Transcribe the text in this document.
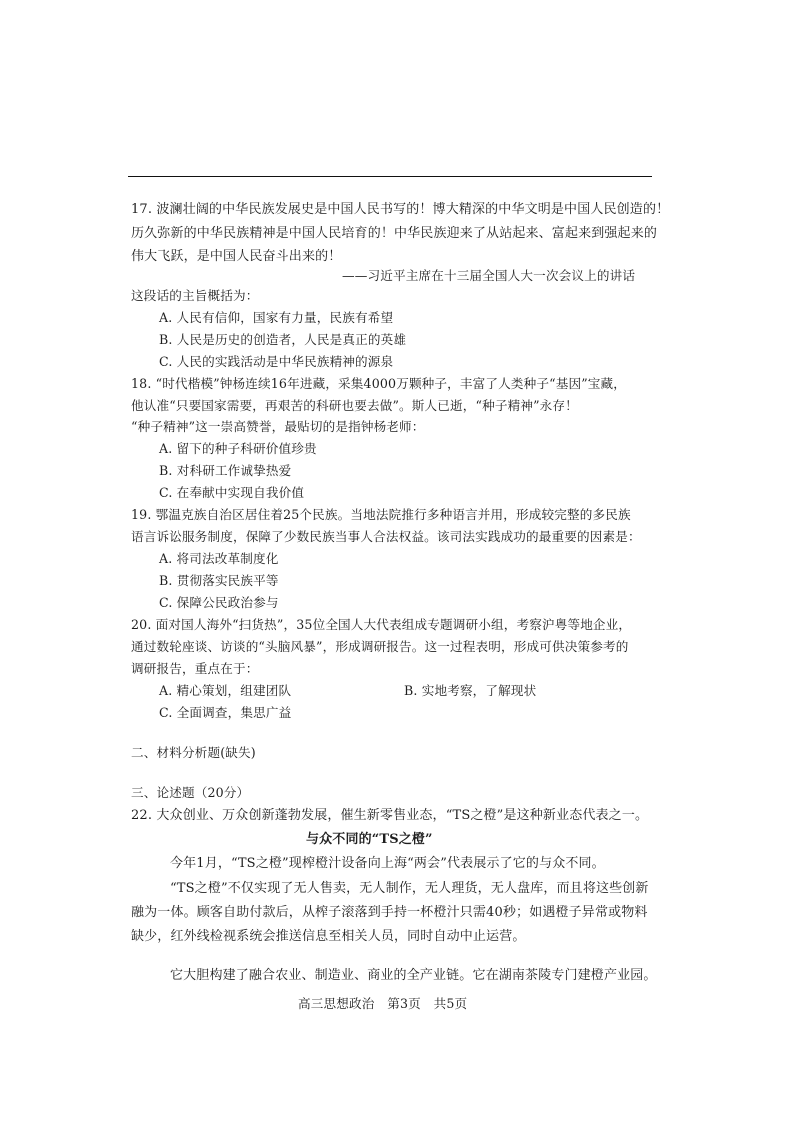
17. 波澜壮阔的中华民族发展史是中国人民书写的！博大精深的中华文明是中国人民创造的！
历久弥新的中华民族精神是中国人民培育的！中华民族迎来了从站起来、富起来到强起来的
伟大飞跃，是中国人民奋斗出来的！
——习近平主席在十三届全国人大一次会议上的讲话
这段话的主旨概括为：
A. 人民有信仰，国家有力量，民族有希望
B. 人民是历史的创造者，人民是真正的英雄
C. 人民的实践活动是中华民族精神的源泉
18. “时代楷模”钟杨连续16年进藏，采集4000万颗种子，丰富了人类种子“基因”宝藏，
他认准“只要国家需要，再艰苦的科研也要去做”。斯人已逝，“种子精神”永存！
“种子精神”这一崇高赞誉，最贴切的是指钟杨老师：
A. 留下的种子科研价值珍贵
B. 对科研工作诚挚热爱
C. 在奉献中实现自我价值
19. 鄂温克族自治区居住着25个民族。当地法院推行多种语言并用，形成较完整的多民族
语言诉讼服务制度，保障了少数民族当事人合法权益。该司法实践成功的最重要的因素是：
A. 将司法改革制度化
B. 贯彻落实民族平等
C. 保障公民政治参与
20. 面对国人海外“扫货热”，35位全国人大代表组成专题调研小组，考察沪粤等地企业，
通过数轮座谈、访谈的“头脑风暴”，形成调研报告。这一过程表明，形成可供决策参考的
调研报告，重点在于：
A. 精心策划，组建团队	B. 实地考察，了解现状
C. 全面调查，集思广益
二、材料分析题(缺失)
三、论述题（20分）
22. 大众创业、万众创新蓬勃发展，催生新零售业态，“TS之橙”是这种新业态代表之一。
与众不同的“TS之橙”
今年1月，“TS之橙”现榨橙汁设备向上海“两会”代表展示了它的与众不同。
“TS之橙”不仅实现了无人售卖，无人制作，无人理货，无人盘库，而且将这些创新
融为一体。顾客自助付款后，从榨子滚落到手持一杯橙汁只需40秒；如遇橙子异常或物料
缺少，红外线检视系统会推送信息至相关人员，同时自动中止运营。
它大胆构建了融合农业、制造业、商业的全产业链。它在湖南茶陵专门建橙产业园。
高三思想政治　第3页　共5页
